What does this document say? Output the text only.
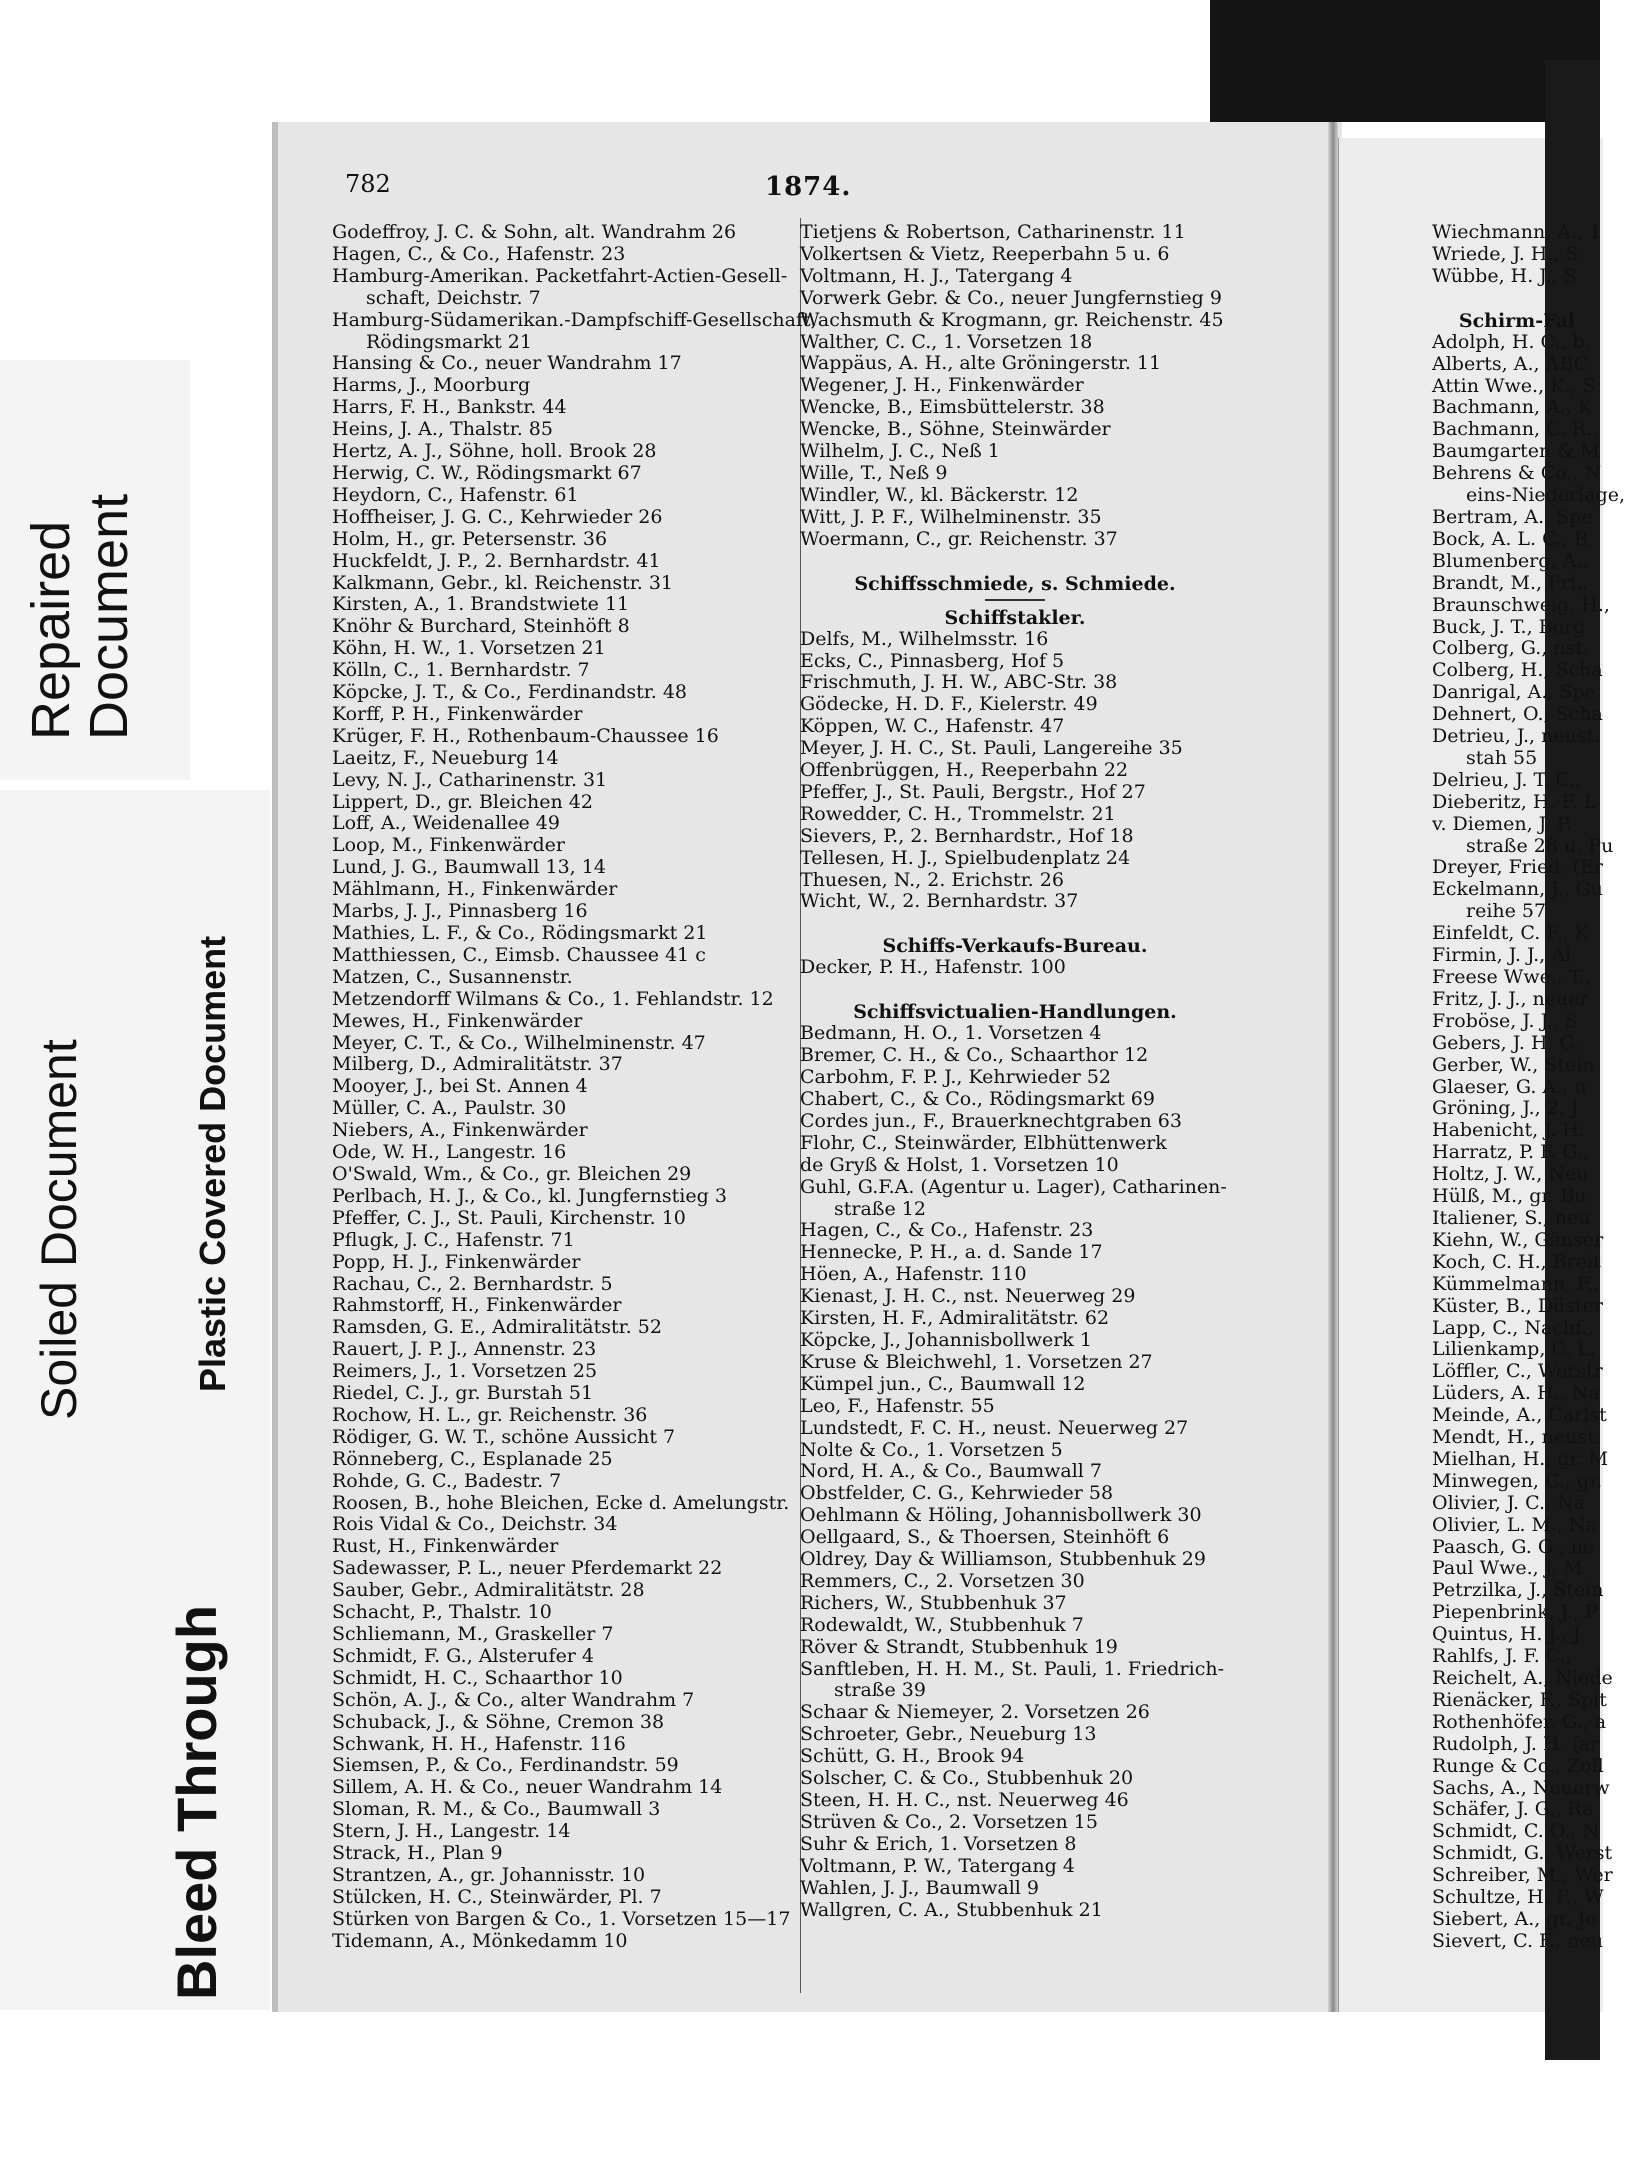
Repaired
Document
Soiled Document	Plastic Covered Document
Bleed Through
782	1874.
Godeffroy, J. C. & Sohn, alt. Wandrahm 26
Hagen, C., & Co., Hafenstr. 23
Hamburg-Amerikan. Packetfahrt-Actien-Gesell-
schaft, Deichstr. 7
Hamburg-Südamerikan.-Dampfschiff-Gesellschaft,
Rödingsmarkt 21
Hansing & Co., neuer Wandrahm 17
Harms, J., Moorburg
Harrs, F. H., Bankstr. 44
Heins, J. A., Thalstr. 85
Hertz, A. J., Söhne, holl. Brook 28
Herwig, C. W., Rödingsmarkt 67
Heydorn, C., Hafenstr. 61
Hoffheiser, J. G. C., Kehrwieder 26
Holm, H., gr. Petersenstr. 36
Huckfeldt, J. P., 2. Bernhardstr. 41
Kalkmann, Gebr., kl. Reichenstr. 31
Kirsten, A., 1. Brandstwiete 11
Knöhr & Burchard, Steinhöft 8
Köhn, H. W., 1. Vorsetzen 21
Kölln, C., 1. Bernhardstr. 7
Köpcke, J. T., & Co., Ferdinandstr. 48
Korff, P. H., Finkenwärder
Krüger, F. H., Rothenbaum-Chaussee 16
Laeitz, F., Neueburg 14
Levy, N. J., Catharinenstr. 31
Lippert, D., gr. Bleichen 42
Loff, A., Weidenallee 49
Loop, M., Finkenwärder
Lund, J. G., Baumwall 13, 14
Mählmann, H., Finkenwärder
Marbs, J. J., Pinnasberg 16
Mathies, L. F., & Co., Rödingsmarkt 21
Matthiessen, C., Eimsb. Chaussee 41 c
Matzen, C., Susannenstr.
Metzendorff Wilmans & Co., 1. Fehlandstr. 12
Mewes, H., Finkenwärder
Meyer, C. T., & Co., Wilhelminenstr. 47
Milberg, D., Admiralitätstr. 37
Mooyer, J., bei St. Annen 4
Müller, C. A., Paulstr. 30
Niebers, A., Finkenwärder
Ode, W. H., Langestr. 16
O'Swald, Wm., & Co., gr. Bleichen 29
Perlbach, H. J., & Co., kl. Jungfernstieg 3
Pfeffer, C. J., St. Pauli, Kirchenstr. 10
Pflugk, J. C., Hafenstr. 71
Popp, H. J., Finkenwärder
Rachau, C., 2. Bernhardstr. 5
Rahmstorff, H., Finkenwärder
Ramsden, G. E., Admiralitätstr. 52
Rauert, J. P. J., Annenstr. 23
Reimers, J., 1. Vorsetzen 25
Riedel, C. J., gr. Burstah 51
Rochow, H. L., gr. Reichenstr. 36
Rödiger, G. W. T., schöne Aussicht 7
Rönneberg, C., Esplanade 25
Rohde, G. C., Badestr. 7
Roosen, B., hohe Bleichen, Ecke d. Amelungstr.
Rois Vidal & Co., Deichstr. 34
Rust, H., Finkenwärder
Sadewasser, P. L., neuer Pferdemarkt 22
Sauber, Gebr., Admiralitätstr. 28
Schacht, P., Thalstr. 10
Schliemann, M., Graskeller 7
Schmidt, F. G., Alsterufer 4
Schmidt, H. C., Schaarthor 10
Schön, A. J., & Co., alter Wandrahm 7
Schuback, J., & Söhne, Cremon 38
Schwank, H. H., Hafenstr. 116
Siemsen, P., & Co., Ferdinandstr. 59
Sillem, A. H. & Co., neuer Wandrahm 14
Sloman, R. M., & Co., Baumwall 3
Stern, J. H., Langestr. 14
Strack, H., Plan 9
Strantzen, A., gr. Johannisstr. 10
Stülcken, H. C., Steinwärder, Pl. 7
Stürken von Bargen & Co., 1. Vorsetzen 15—17
Tidemann, A., Mönkedamm 10
Tietjens & Robertson, Catharinenstr. 11
Volkertsen & Vietz, Reeperbahn 5 u. 6
Voltmann, H. J., Tatergang 4
Vorwerk Gebr. & Co., neuer Jungfernstieg 9
Wachsmuth & Krogmann, gr. Reichenstr. 45
Walther, C. C., 1. Vorsetzen 18
Wappäus, A. H., alte Gröningerstr. 11
Wegener, J. H., Finkenwärder
Wencke, B., Eimsbüttelerstr. 38
Wencke, B., Söhne, Steinwärder
Wilhelm, J. C., Neß 1
Wille, T., Neß 9
Windler, W., kl. Bäckerstr. 12
Witt, J. P. F., Wilhelminenstr. 35
Woermann, C., gr. Reichenstr. 37
Schiffsschmiede, s. Schmiede.
Schiffstakler.
Delfs, M., Wilhelmsstr. 16
Ecks, C., Pinnasberg, Hof 5
Frischmuth, J. H. W., ABC-Str. 38
Gödecke, H. D. F., Kielerstr. 49
Köppen, W. C., Hafenstr. 47
Meyer, J. H. C., St. Pauli, Langereihe 35
Offenbrüggen, H., Reeperbahn 22
Pfeffer, J., St. Pauli, Bergstr., Hof 27
Rowedder, C. H., Trommelstr. 21
Sievers, P., 2. Bernhardstr., Hof 18
Tellesen, H. J., Spielbudenplatz 24
Thuesen, N., 2. Erichstr. 26
Wicht, W., 2. Bernhardstr. 37
Schiffs-Verkaufs-Bureau.
Decker, P. H., Hafenstr. 100
Schiffsvictualien-Handlungen.
Bedmann, H. O., 1. Vorsetzen 4
Bremer, C. H., & Co., Schaarthor 12
Carbohm, F. P. J., Kehrwieder 52
Chabert, C., & Co., Rödingsmarkt 69
Cordes jun., F., Brauerknechtgraben 63
Flohr, C., Steinwärder, Elbhüttenwerk
de Gryß & Holst, 1. Vorsetzen 10
Guhl, G.F.A. (Agentur u. Lager), Catharinen-
straße 12
Hagen, C., & Co., Hafenstr. 23
Hennecke, P. H., a. d. Sande 17
Höen, A., Hafenstr. 110
Kienast, J. H. C., nst. Neuerweg 29
Kirsten, H. F., Admiralitätstr. 62
Köpcke, J., Johannisbollwerk 1
Kruse & Bleichwehl, 1. Vorsetzen 27
Kümpel jun., C., Baumwall 12
Leo, F., Hafenstr. 55
Lundstedt, F. C. H., neust. Neuerweg 27
Nolte & Co., 1. Vorsetzen 5
Nord, H. A., & Co., Baumwall 7
Obstfelder, C. G., Kehrwieder 58
Oehlmann & Höling, Johannisbollwerk 30
Oellgaard, S., & Thoersen, Steinhöft 6
Oldrey, Day & Williamson, Stubbenhuk 29
Remmers, C., 2. Vorsetzen 30
Richers, W., Stubbenhuk 37
Rodewaldt, W., Stubbenhuk 7
Röver & Strandt, Stubbenhuk 19
Sanftleben, H. H. M., St. Pauli, 1. Friedrich-
straße 39
Schaar & Niemeyer, 2. Vorsetzen 26
Schroeter, Gebr., Neueburg 13
Schütt, G. H., Brook 94
Solscher, C. & Co., Stubbenhuk 20
Steen, H. H. C., nst. Neuerweg 46
Strüven & Co., 2. Vorsetzen 15
Suhr & Erich, 1. Vorsetzen 8
Voltmann, P. W., Tatergang 4
Wahlen, J. J., Baumwall 9
Wallgren, C. A., Stubbenhuk 21
Wiechmann, A., 1
Wriede, J. H., S
Wübbe, H. J., S
Schirm-Fal
Adolph, H. C., b.
Alberts, A., ABC
Attin Wwe., K., S
Bachmann, A., K
Bachmann, C. R.,
Baumgarten & M
Behrens & Co., N
eins-Niederlage,
Bertram, A., Spe
Bock, A. L. C., R
Blumenberg, A.,
Brandt, M., Frl.,
Braunschweig, H.,
Buck, J. T., Borg
Colberg, G., nst.
Colberg, H., Scha
Danrigal, A., Spe
Dehnert, O., Scha
Detrieu, J., neust.
stah 55
Delrieu, J. T. C.,
Dieberitz, H. F. L
v. Diemen, J. P.
straße 28 u. Pu
Dreyer, Fried. (Er
Eckelmann, J., Gu
reihe 57
Einfeldt, C. F., K
Firmin, J. J., Al
Freese Wwe., T.,
Fritz, J. J., neuer
Froböse, J. J., S
Gebers, J. H. C.
Gerber, W., Stein
Glaeser, G. A., n
Gröning, J., 2. J
Habenicht, J. H.
Harratz, P. F. G.,
Holtz, J. W., Neu
Hülß, M., gr. Bu
Italiener, S., neu
Kiehn, W., Gänser
Koch, C. H., Breit
Kümmelmann, F.,
Küster, B., Düster
Lapp, C., Nachf.,
Lilienkamp, C. L.
Löffler, C., Werstr
Lüders, A. H., Na
Meinde, A., Carlst
Mendt, H., neust.
Mielhan, H., gr. M
Minwegen, C., gr.
Olivier, J. C., Na
Olivier, L. M., Na
Paasch, G. G., ne
Paul Wwe., J. M
Petrzilka, J., Stein
Piepenbrink, J., P
Quintus, H. J., J
Rahlfs, J. F. C.,
Reichelt, A., Niede
Rienäcker, F., Spit
Rothenhöfer, G., a
Rudolph, J. H. (ar
Runge & Co., Zoll
Sachs, A., Neuerw
Schäfer, J. G., Ra
Schmidt, C. O., N
Schmidt, G., Werst
Schreiber, M., Wer
Schultze, H. F., W
Siebert, A., gr. Jo
Sievert, C. F., neu
